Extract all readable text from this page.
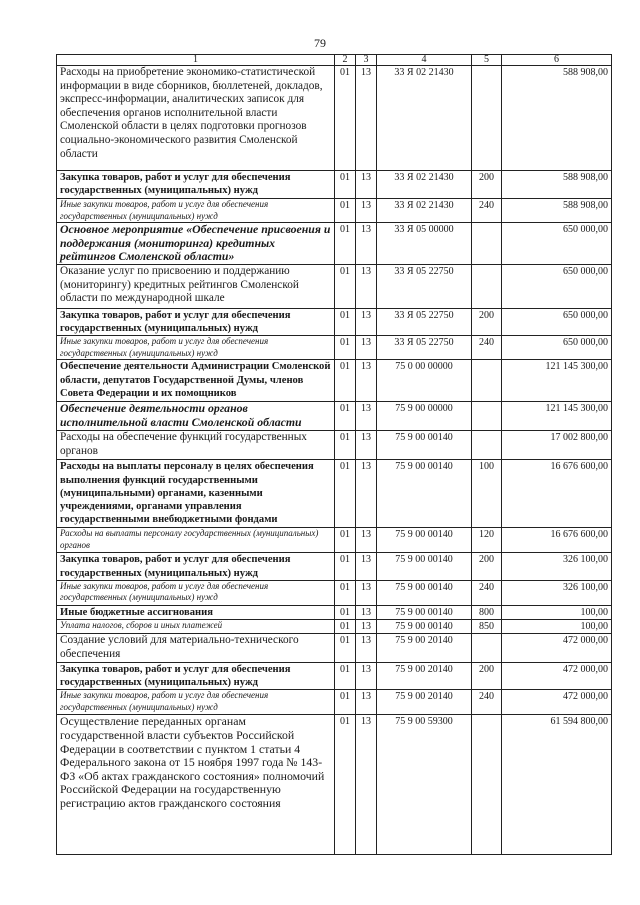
79
1	2	3	4	5	6
Расходы на приобретение экономико-статистической информации в виде сборников, бюллетеней, докладов, экспресс-информации, аналитических записок для обеспечения органов исполнительной власти Смоленской области в целях подготовки прогнозов социально-экономического развития Смоленской области	01	13	33 Я 02 21430		588 908,00
Закупка товаров, работ и услуг для обеспечения государственных (муниципальных) нужд	01	13	33 Я 02 21430	200	588 908,00
Иные закупки товаров, работ и услуг для обеспечения государственных (муниципальных) нужд	01	13	33 Я 02 21430	240	588 908,00
Основное мероприятие «Обеспечение присвоения и поддержания (мониторинга) кредитных рейтингов Смоленской области»	01	13	33 Я 05 00000		650 000,00
Оказание услуг по присвоению и поддержанию (мониторингу) кредитных рейтингов Смоленской области по международной шкале	01	13	33 Я 05 22750		650 000,00
Закупка товаров, работ и услуг для обеспечения государственных (муниципальных) нужд	01	13	33 Я 05 22750	200	650 000,00
Иные закупки товаров, работ и услуг для обеспечения государственных (муниципальных) нужд	01	13	33 Я 05 22750	240	650 000,00
Обеспечение деятельности Администрации Смоленской области, депутатов Государственной Думы, членов Совета Федерации и их помощников	01	13	75 0 00 00000		121 145 300,00
Обеспечение деятельности органов исполнительной власти Смоленской области	01	13	75 9 00 00000		121 145 300,00
Расходы на обеспечение функций государственных органов	01	13	75 9 00 00140		17 002 800,00
Расходы на выплаты персоналу в целях обеспечения выполнения функций государственными (муниципальными) органами, казенными учреждениями, органами управления государственными внебюджетными фондами	01	13	75 9 00 00140	100	16 676 600,00
Расходы на выплаты персоналу государственных (муниципальных) органов	01	13	75 9 00 00140	120	16 676 600,00
Закупка товаров, работ и услуг для обеспечения государственных (муниципальных) нужд	01	13	75 9 00 00140	200	326 100,00
Иные закупки товаров, работ и услуг для обеспечения государственных (муниципальных) нужд	01	13	75 9 00 00140	240	326 100,00
Иные бюджетные ассигнования	01	13	75 9 00 00140	800	100,00
Уплата налогов, сборов и иных платежей	01	13	75 9 00 00140	850	100,00
Создание условий для материально-технического обеспечения	01	13	75 9 00 20140		472 000,00
Закупка товаров, работ и услуг для обеспечения государственных (муниципальных) нужд	01	13	75 9 00 20140	200	472 000,00
Иные закупки товаров, работ и услуг для обеспечения государственных (муниципальных) нужд	01	13	75 9 00 20140	240	472 000,00
Осуществление переданных органам государственной власти субъектов Российской Федерации в соответствии с пунктом 1 статьи 4 Федерального закона от 15 ноября 1997 года № 143-ФЗ «Об актах гражданского состояния» полномочий Российской Федерации на государственную регистрацию актов гражданского состояния	01	13	75 9 00 59300		61 594 800,00
